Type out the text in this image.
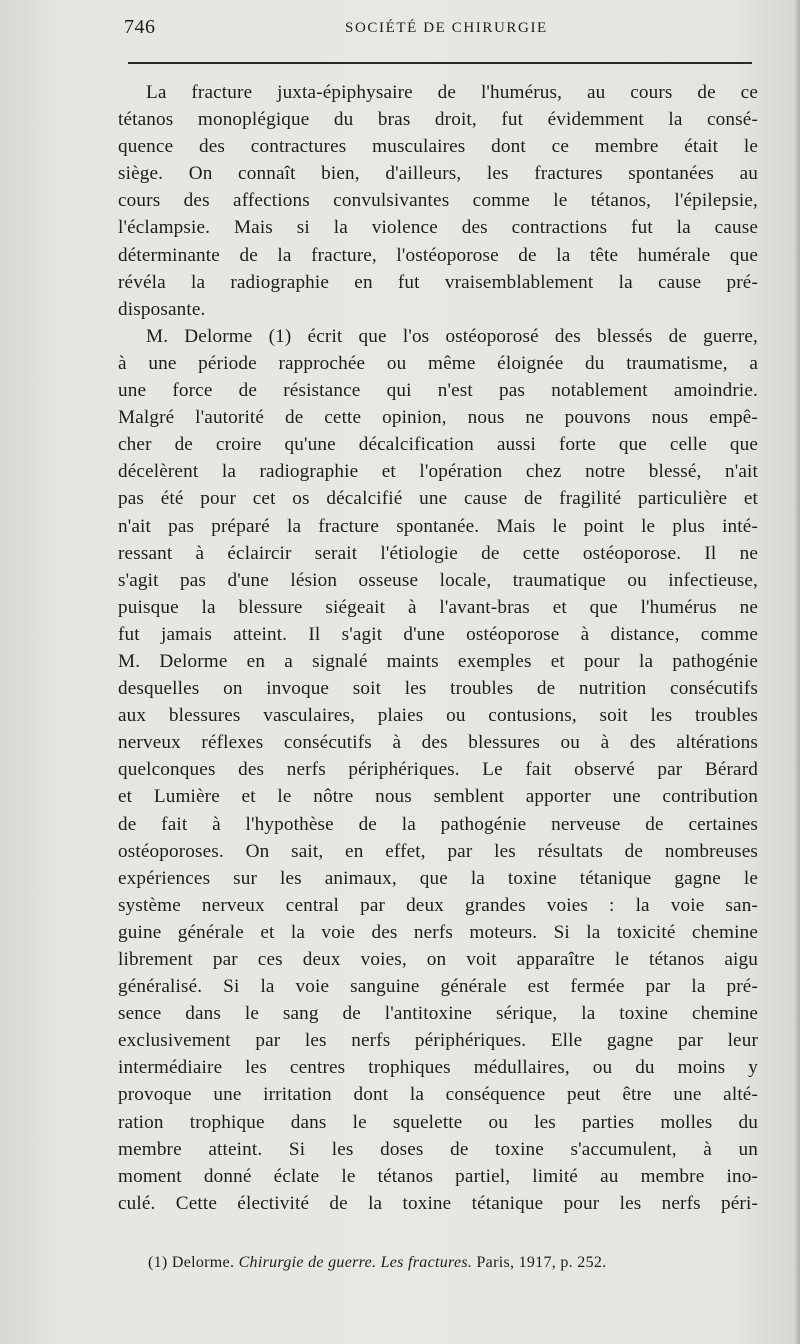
746	SOCIÉTÉ DE CHIRURGIE
La fracture juxta-épiphysaire de l'humérus, au cours de ce
tétanos monoplégique du bras droit, fut évidemment la consé-
quence des contractures musculaires dont ce membre était le
siège. On connaît bien, d'ailleurs, les fractures spontanées au
cours des affections convulsivantes comme le tétanos, l'épilepsie,
l'éclampsie. Mais si la violence des contractions fut la cause
déterminante de la fracture, l'ostéoporose de la tête humérale que
révéla la radiographie en fut vraisemblablement la cause pré-
disposante.
M. Delorme (1) écrit que l'os ostéoporosé des blessés de guerre,
à une période rapprochée ou même éloignée du traumatisme, a
une force de résistance qui n'est pas notablement amoindrie.
Malgré l'autorité de cette opinion, nous ne pouvons nous empê-
cher de croire qu'une décalcification aussi forte que celle que
décelèrent la radiographie et l'opération chez notre blessé, n'ait
pas été pour cet os décalcifié une cause de fragilité particulière et
n'ait pas préparé la fracture spontanée. Mais le point le plus inté-
ressant à éclaircir serait l'étiologie de cette ostéoporose. Il ne
s'agit pas d'une lésion osseuse locale, traumatique ou infectieuse,
puisque la blessure siégeait à l'avant-bras et que l'humérus ne
fut jamais atteint. Il s'agit d'une ostéoporose à distance, comme
M. Delorme en a signalé maints exemples et pour la pathogénie
desquelles on invoque soit les troubles de nutrition consécutifs
aux blessures vasculaires, plaies ou contusions, soit les troubles
nerveux réflexes consécutifs à des blessures ou à des altérations
quelconques des nerfs périphériques. Le fait observé par Bérard
et Lumière et le nôtre nous semblent apporter une contribution
de fait à l'hypothèse de la pathogénie nerveuse de certaines
ostéoporoses. On sait, en effet, par les résultats de nombreuses
expériences sur les animaux, que la toxine tétanique gagne le
système nerveux central par deux grandes voies : la voie san-
guine générale et la voie des nerfs moteurs. Si la toxicité chemine
librement par ces deux voies, on voit apparaître le tétanos aigu
généralisé. Si la voie sanguine générale est fermée par la pré-
sence dans le sang de l'antitoxine sérique, la toxine chemine
exclusivement par les nerfs périphériques. Elle gagne par leur
intermédiaire les centres trophiques médullaires, ou du moins y
provoque une irritation dont la conséquence peut être une alté-
ration trophique dans le squelette ou les parties molles du
membre atteint. Si les doses de toxine s'accumulent, à un
moment donné éclate le tétanos partiel, limité au membre ino-
culé. Cette électivité de la toxine tétanique pour les nerfs péri-
(1) Delorme. Chirurgie de guerre. Les fractures. Paris, 1917, p. 252.
